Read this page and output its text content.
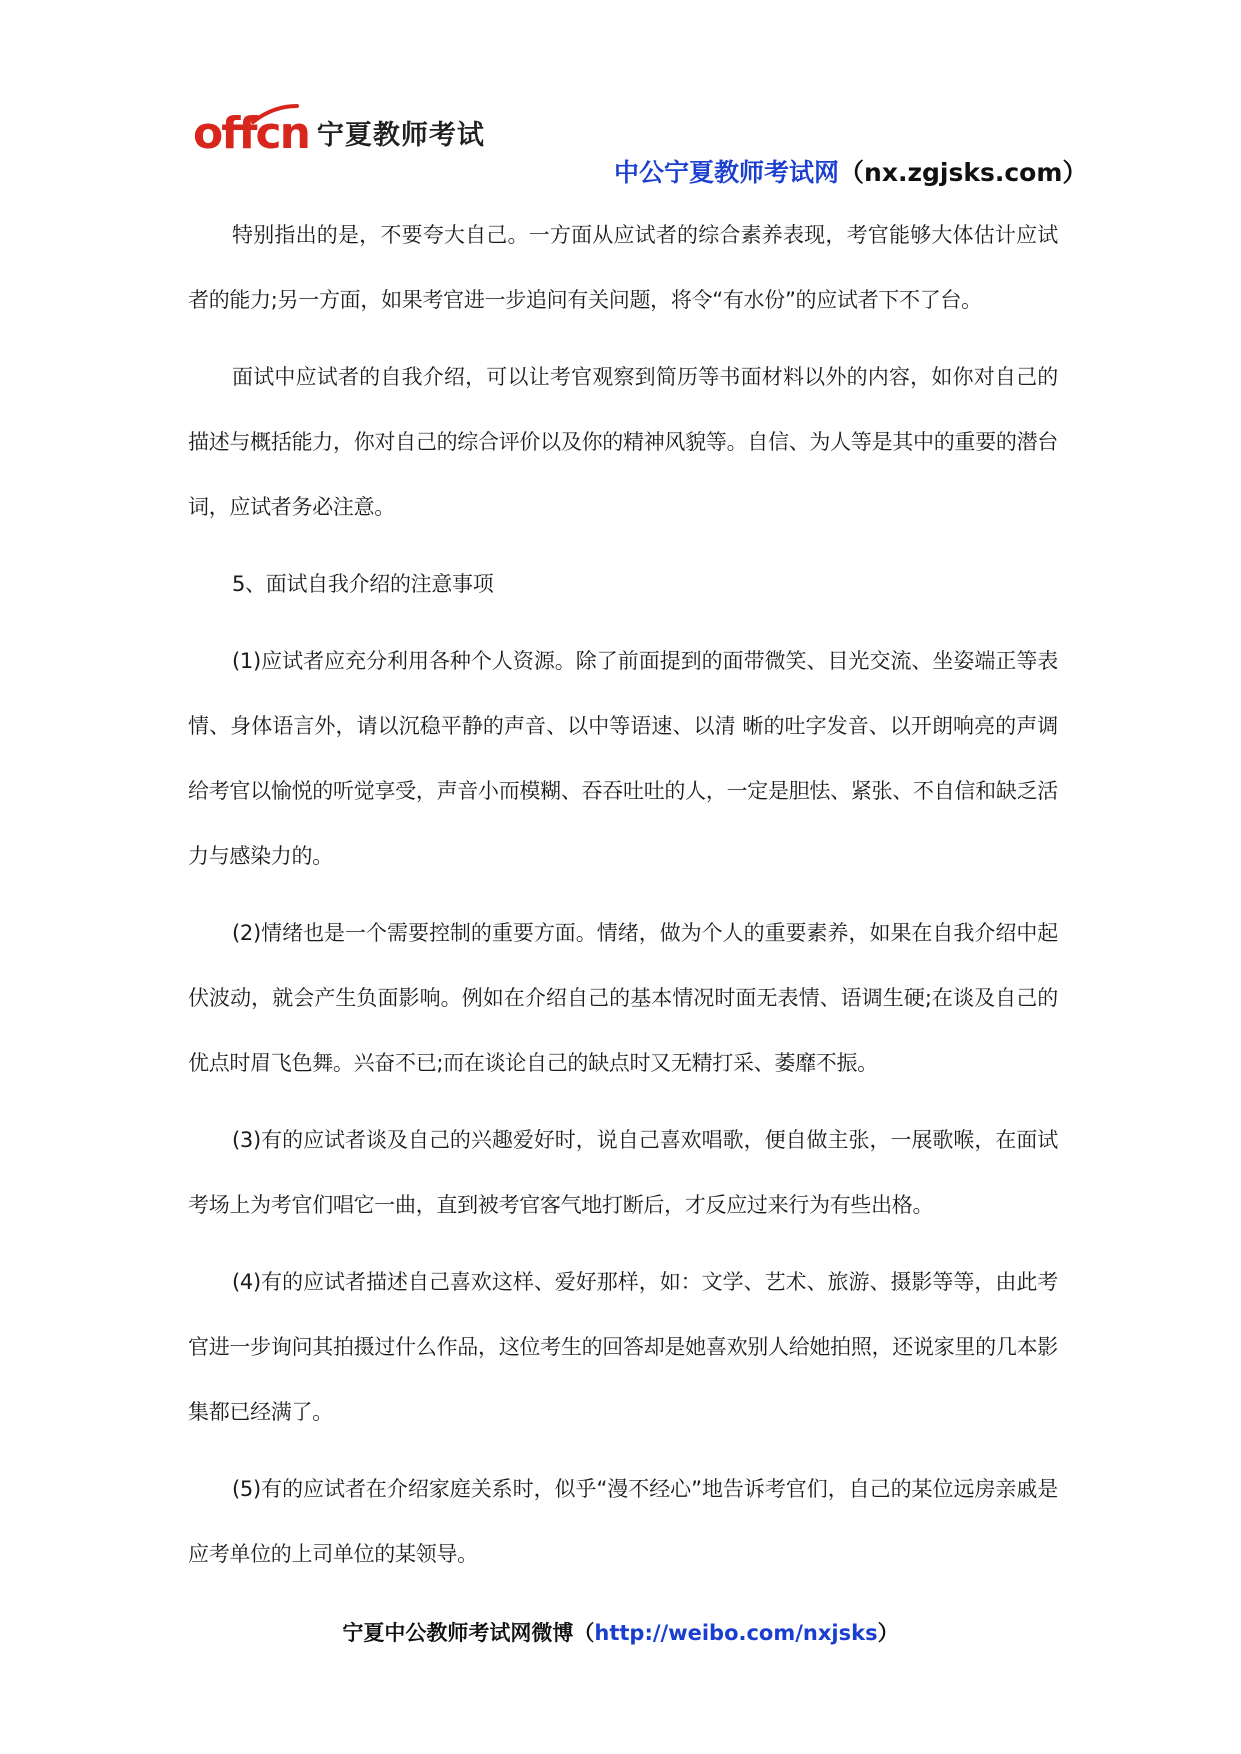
offcn 宁夏教师考试
中公宁夏教师考试网（nx.zgjsks.com）

特别指出的是，不要夸大自己。一方面从应试者的综合素养表现，考官能够大体估计应试者的能力;另一方面，如果考官进一步追问有关问题，将令“有水份”的应试者下不了台。

面试中应试者的自我介绍，可以让考官观察到简历等书面材料以外的内容，如你对自己的描述与概括能力，你对自己的综合评价以及你的精神风貌等。自信、为人等是其中的重要的潜台词，应试者务必注意。

5、面试自我介绍的注意事项

(1)应试者应充分利用各种个人资源。除了前面提到的面带微笑、目光交流、坐姿端正等表情、身体语言外，请以沉稳平静的声音、以中等语速、以清 晰的吐字发音、以开朗响亮的声调给考官以愉悦的听觉享受，声音小而模糊、吞吞吐吐的人，一定是胆怯、紧张、不自信和缺乏活力与感染力的。

(2)情绪也是一个需要控制的重要方面。情绪，做为个人的重要素养，如果在自我介绍中起伏波动，就会产生负面影响。例如在介绍自己的基本情况时面无表情、语调生硬;在谈及自己的优点时眉飞色舞。兴奋不已;而在谈论自己的缺点时又无精打采、萎靡不振。

(3)有的应试者谈及自己的兴趣爱好时，说自己喜欢唱歌，便自做主张，一展歌喉，在面试考场上为考官们唱它一曲，直到被考官客气地打断后，才反应过来行为有些出格。

(4)有的应试者描述自己喜欢这样、爱好那样，如：文学、艺术、旅游、摄影等等，由此考官进一步询问其拍摄过什么作品，这位考生的回答却是她喜欢别人给她拍照，还说家里的几本影集都已经满了。

(5)有的应试者在介绍家庭关系时，似乎“漫不经心”地告诉考官们，自己的某位远房亲戚是应考单位的上司单位的某领导。

宁夏中公教师考试网微博（http://weibo.com/nxjsks）
